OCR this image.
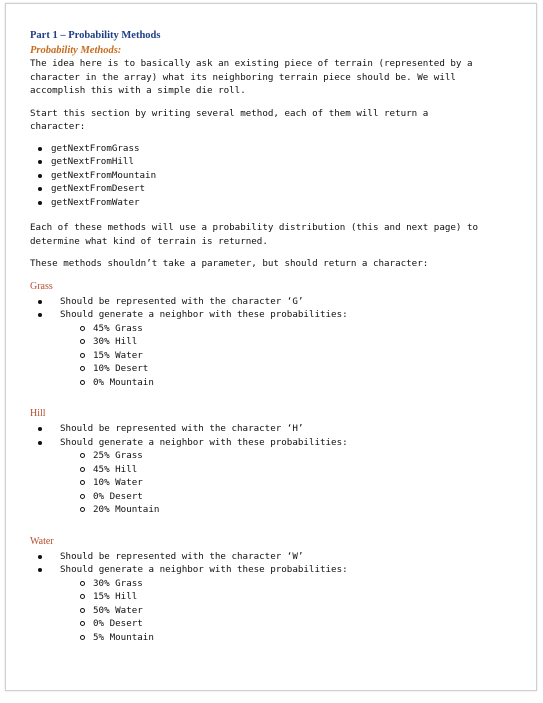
Part 1 – Probability Methods
Probability Methods:

The idea here is to basically ask an existing piece of terrain (represented by a

character in the array) what its neighboring terrain piece should be. We will

accomplish this with a simple die roll.

Start this section by writing several method, each of them will return a

character:

getNextFromGrass
getNextFromHill
getNextFromMountain
getNextFromDesert
getNextFromWater

Each of these methods will use a probability distribution (this and next page) to

determine what kind of terrain is returned.

These methods shouldn’t take a parameter, but should return a character:

Grass
Should be represented with the character ‘G’
Should generate a neighbor with these probabilities:
45% Grass
30% Hill
15% Water
10% Desert
0% Mountain
Hill
Should be represented with the character ‘H’
Should generate a neighbor with these probabilities:
25% Grass
45% Hill
10% Water
0% Desert
20% Mountain
Water
Should be represented with the character ‘W’
Should generate a neighbor with these probabilities:
30% Grass
15% Hill
50% Water
0% Desert
5% Mountain
